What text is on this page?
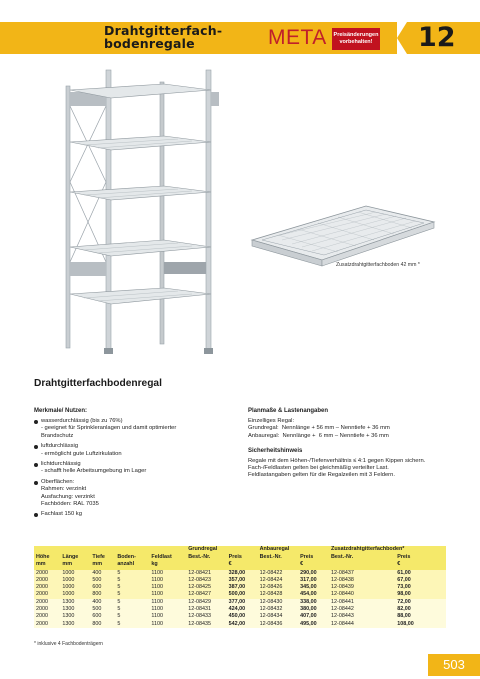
Drahtgitterfach-
bodenregale	META Preisänderungen vorbehalten! 12
Zusatzdrahtgitterfachboden 42 mm *
Drahtgitterfachbodenregal
Merkmale/ Nutzen:
wasserdurchlässig (bis zu 76%)
- geeignet für Sprinkleranlagen und damit optimierter
Brandschutz
luftdurchlässig
- ermöglicht gute Luftzirkulation
lichtdurchlässig
- schafft helle Arbeitsumgebung im Lager
Oberflächen:
Rahmen: verzinkt
Ausfachung: verzinkt
Fachböden: RAL 7035
Fachlast 150 kg
Planmaße & Lastenangaben
Einzelliges Regal:
Grundregal:  Nennlänge + 56 mm – Nenntiefe + 36 mm
Anbauregal:  Nennlänge +  6 mm – Nenntiefe + 36 mm
Sicherheitshinweis
Regale mit dem Höhen-/Tiefenverhältnis ≤ 4:1 gegen Kippen sichern.
Fach-/Feldlasten gelten bei gleichmäßig verteilter Last.
Feldlastangaben gelten für die Regalzeilen mit 3 Feldern.
					Grundregal		Anbauregal		Zusatzdrahtgitterfachboden*	
Höhe	Länge	Tiefe	Boden-	Feldlast	Best.-Nr.	Preis	Best.-Nr.	Preis	Best.-Nr.	Preis
mm	mm	mm	anzahl	kg		€		€		€
2000	1000	400	5	1100	12-08421	328,00	12-08422	290,00	12-08437	61,00
2000	1000	500	5	1100	12-08423	357,00	12-08424	317,00	12-08438	67,00
2000	1000	600	5	1100	12-08425	387,00	12-08426	345,00	12-08439	73,00
2000	1000	800	5	1100	12-08427	500,00	12-08428	454,00	12-08440	98,00
2000	1300	400	5	1100	12-08429	377,00	12-08430	338,00	12-08441	72,00
2000	1300	500	5	1100	12-08431	424,00	12-08432	380,00	12-08442	82,00
2000	1300	600	5	1100	12-08433	450,00	12-08434	407,00	12-08443	88,00
2000	1300	800	5	1100	12-08435	542,00	12-08436	495,00	12-08444	108,00
* inklusive 4 Fachbodenträgern
503
